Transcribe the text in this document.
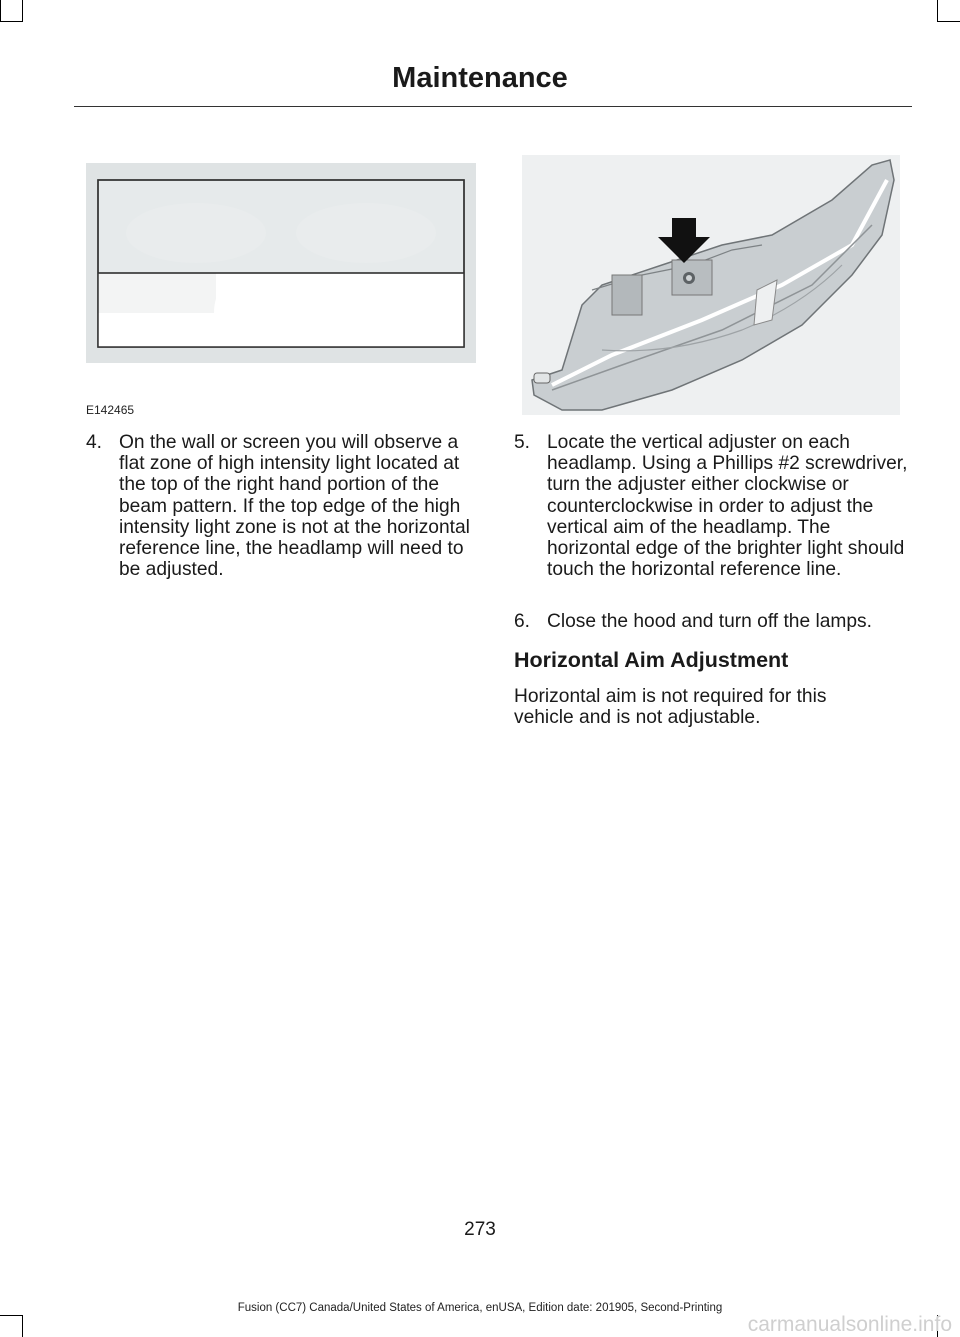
Maintenance
E142465
4. On the wall or screen you will observe a flat zone of high intensity light located at the top of the right hand portion of the beam pattern. If the top edge of the high intensity light zone is not at the horizontal reference line, the headlamp will need to be adjusted.
5. Locate the vertical adjuster on each headlamp. Using a Phillips #2 screwdriver, turn the adjuster either clockwise or counterclockwise in order to adjust the vertical aim of the headlamp. The horizontal edge of the brighter light should touch the horizontal reference line.
6. Close the hood and turn off the lamps.
Horizontal Aim Adjustment
Horizontal aim is not required for this vehicle and is not adjustable.
273
Fusion (CC7) Canada/United States of America, enUSA, Edition date: 201905, Second-Printing
carmanualsonline.info
